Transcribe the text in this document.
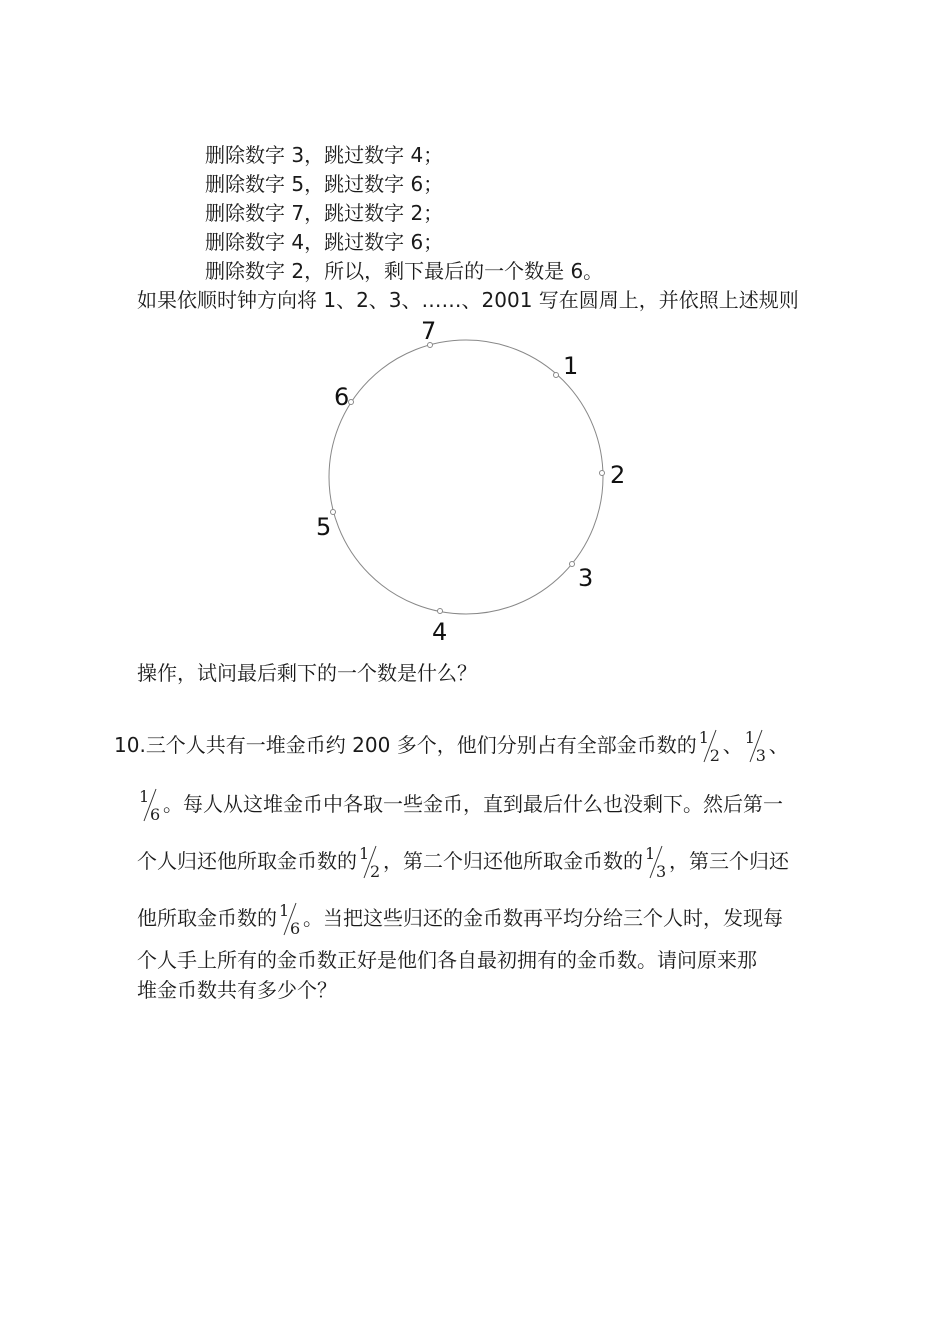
删除数字 3，跳过数字 4；
删除数字 5，跳过数字 6；
删除数字 7，跳过数字 2；
删除数字 4，跳过数字 6；
删除数字 2，所以，剩下最后的一个数是 6。
如果依顺时钟方向将 1、2、3、……、2001 写在圆周上，并依照上述规则
1
2
3
4
5
6
7
操作，试问最后剩下的一个数是什么？
10.三个人共有一堆金币约 200 多个，他们分别占有全部金币数的 1
2 、 1
3 、
1
6 。每人从这堆金币中各取一些金币，直到最后什么也没剩下。然后第一
个人归还他所取金币数的 1
2 ，第二个归还他所取金币数的 1
3 ，第三个归还
他所取金币数的 1
6 。当把这些归还的金币数再平均分给三个人时，发现每
个人手上所有的金币数正好是他们各自最初拥有的金币数。请问原来那
堆金币数共有多少个？
